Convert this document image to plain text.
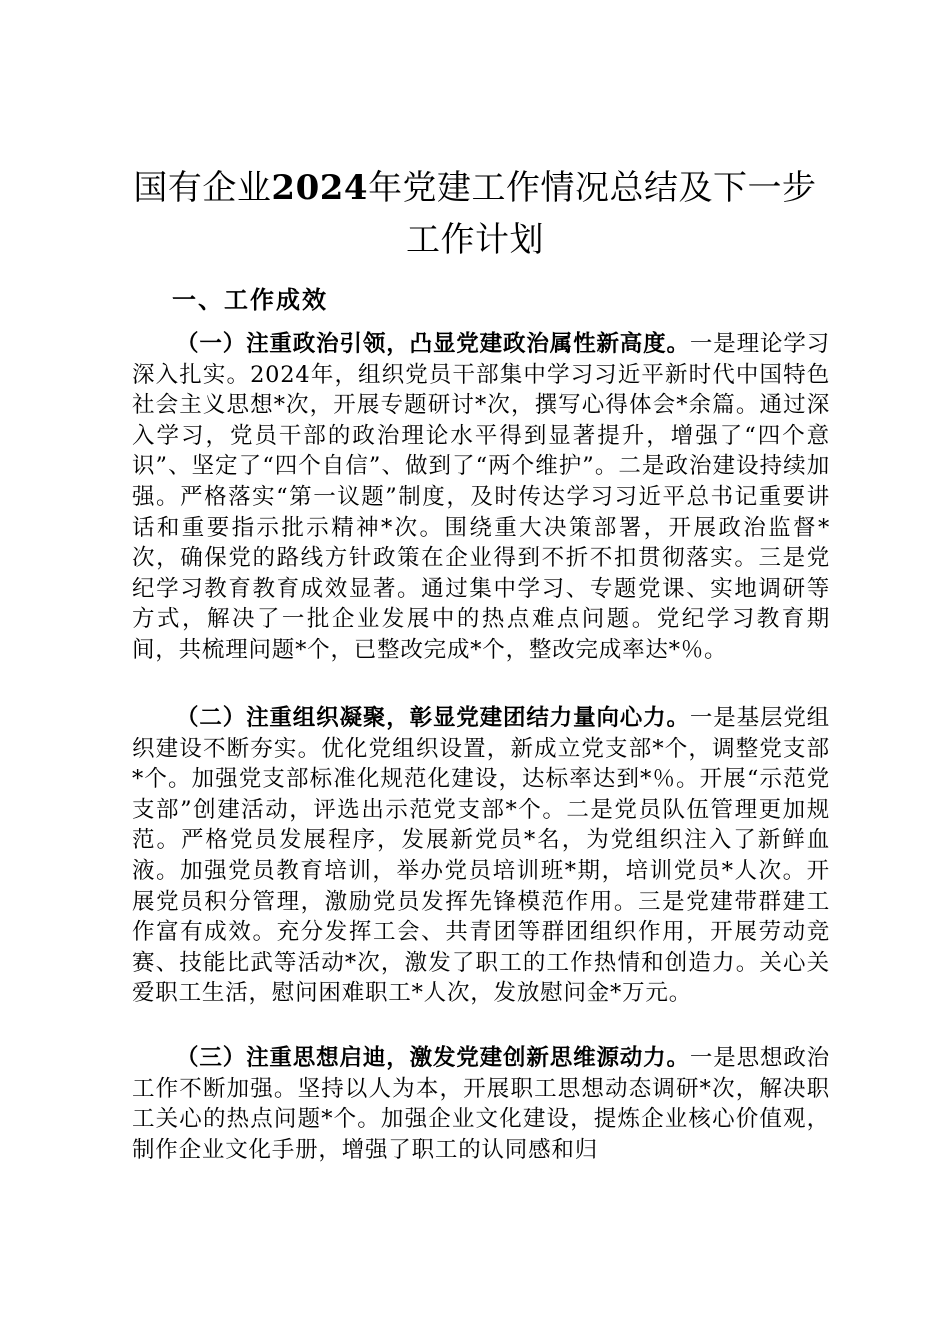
国有企业2024年党建工作情况总结及下一步
工作计划
一、工作成效

（一）注重政治引领，凸显党建政治属性新高度。一是理论学习深入扎实。2024年，组织党员干部集中学习习近平新时代中国特色社会主义思想*次，开展专题研讨*次，撰写心得体会*余篇。通过深入学习，党员干部的政治理论水平得到显著提升，增强了“四个意识”、坚定了“四个自信”、做到了“两个维护”。二是政治建设持续加强。严格落实“第一议题”制度，及时传达学习习近平总书记重要讲话和重要指示批示精神*次。围绕重大决策部署，开展政治监督*次，确保党的路线方针政策在企业得到不折不扣贯彻落实。三是党纪学习教育教育成效显著。通过集中学习、专题党课、实地调研等方式，解决了一批企业发展中的热点难点问题。党纪学习教育期间，共梳理问题*个，已整改完成*个，整改完成率达*％。

（二）注重组织凝聚，彰显党建团结力量向心力。一是基层党组织建设不断夯实。优化党组织设置，新成立党支部*个，调整党支部*个。加强党支部标准化规范化建设，达标率达到*％。开展“示范党支部”创建活动，评选出示范党支部*个。二是党员队伍管理更加规范。严格党员发展程序，发展新党员*名，为党组织注入了新鲜血液。加强党员教育培训，举办党员培训班*期，培训党员*人次。开展党员积分管理，激励党员发挥先锋模范作用。三是党建带群建工作富有成效。充分发挥工会、共青团等群团组织作用，开展劳动竞赛、技能比武等活动*次，激发了职工的工作热情和创造力。关心关爱职工生活，慰问困难职工*人次，发放慰问金*万元。

（三）注重思想启迪，激发党建创新思维源动力。一是思想政治工作不断加强。坚持以人为本，开展职工思想动态调研*次，解决职工关心的热点问题*个。加强企业文化建设，提炼企业核心价值观，制作企业文化手册，增强了职工的认同感和归
